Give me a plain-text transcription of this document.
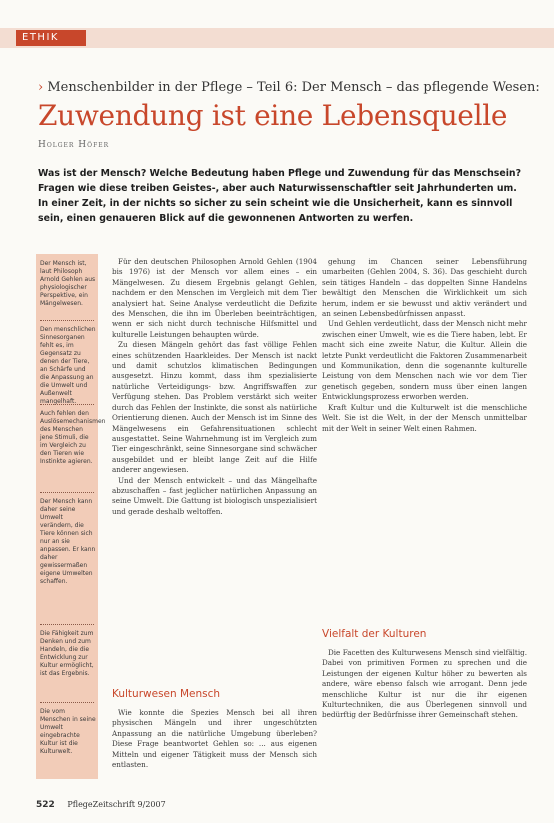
ETHIK
› Menschenbilder in der Pflege – Teil 6: Der Mensch – das pflegende Wesen:
Zuwendung ist eine Lebensquelle
Holger Höfer
Was ist der Mensch? Welche Bedeutung haben Pflege und Zuwendung für das Menschsein? Fragen wie diese treiben Geistes-, aber auch Naturwissenschaftler seit Jahrhunderten um. In einer Zeit, in der nichts so sicher zu sein scheint wie die Unsicherheit, kann es sinnvoll sein, einen genaueren Blick auf die gewonnenen Antworten zu werfen.
Der Mensch ist, laut Philosoph Arnold Gehlen aus physiologischer Perspektive, ein Mängelwesen.
Den menschlichen Sinnesorganen fehlt es, im Gegensatz zu denen der Tiere, an Schärfe und die Anpassung an die Umwelt und Außenwelt mangelhaft.
Auch fehlen den Auslösemechanismen des Menschen jene Stimuli, die im Vergleich zu den Tieren wie Instinkte agieren.
Der Mensch kann daher seine Umwelt verändern, die Tiere können sich nur an sie anpassen. Er kann daher gewissermaßen eigene Umwelten schaffen.
Die Fähigkeit zum Denken und zum Handeln, die die Entwicklung zur Kultur ermöglicht, ist das Ergebnis.
Die vom Menschen in seine Umwelt eingebrachte Kultur ist die Kulturwelt.

Für den deutschen Philosophen Arnold Gehlen (1904 bis 1976) ist der Mensch vor allem eines – ein Mängelwesen. Zu diesem Ergebnis gelangt Gehlen, nachdem er den Menschen im Vergleich mit dem Tier analysiert hat. Seine Analyse verdeutlicht die Defizite des Menschen, die ihn im Überleben beeinträchtigen, wenn er sich nicht durch technische Hilfsmittel und kulturelle Leistungen behaupten würde.

Zu diesen Mängeln gehört das fast völlige Fehlen eines schützenden Haarkleides. Der Mensch ist nackt und damit schutzlos klimatischen Bedingungen ausgesetzt. Hinzu kommt, dass ihm spezialisierte natürliche Verteidigungs- bzw. Angriffswaffen zur Verfügung stehen. Das Problem verstärkt sich weiter durch das Fehlen der Instinkte, die sonst als natürliche Orientierung dienen. Auch der Mensch ist im Sinne des Mängelwesens ein Gefahrensituationen schlecht ausgestattet. Seine Wahrnehmung ist im Vergleich zum Tier eingeschränkt, seine Sinnesorgane sind schwächer ausgebildet und er bleibt lange Zeit auf die Hilfe anderer angewiesen.

Und der Mensch entwickelt – und das Mängelhafte abzuschaffen – fast jeglicher natürlichen Anpassung an seine Umwelt. Die Gattung ist biologisch unspezialisiert und gerade deshalb weltoffen.

Kulturwesen Mensch

Wie konnte die Spezies Mensch bei all ihren physischen Mängeln und ihrer ungeschützten Anpassung an die natürliche Umgebung überleben? Diese Frage beantwortet Gehlen so: ... aus eigenen Mitteln und eigener Tätigkeit muss der Mensch sich entlasten.

gehung im Chancen seiner Lebensführung umarbeiten (Gehlen 2004, S. 36). Das geschieht durch sein tätiges Handeln – das doppelten Sinne Handelns bewältigt den Menschen die Wirklichkeit um sich herum, indem er sie bewusst und aktiv verändert und an seinen Lebensbedürfnissen anpasst.

Und Gehlen verdeutlicht, dass der Mensch nicht mehr zwischen einer Umwelt, wie es die Tiere haben, lebt. Er macht sich eine zweite Natur, die Kultur. Allein die letzte Punkt verdeutlicht die Faktoren Zusammenarbeit und Kommunikation, denn die sogenannte kulturelle Leistung von dem Menschen nach wie vor dem Tier genetisch gegeben, sondern muss über einen langen Entwicklungsprozess erworben werden.

Kraft Kultur und die Kulturwelt ist die menschliche Welt. Sie ist die Welt, in der der Mensch unmittelbar mit der Welt in seiner Welt einen Rahmen.

Vielfalt der Kulturen

Die Facetten des Kulturwesens Mensch sind vielfältig. Dabei von primitiven Formen zu sprechen und die Leistungen der eigenen Kultur höher zu bewerten als andere, wäre ebenso falsch wie arrogant. Denn jede menschliche Kultur ist nur die ihr eigenen Kulturtechniken, die aus Überlegenen sinnvoll und bedürftig der Bedürfnisse ihrer Gemeinschaft stehen.

522 PflegeZeitschrift 9/2007
